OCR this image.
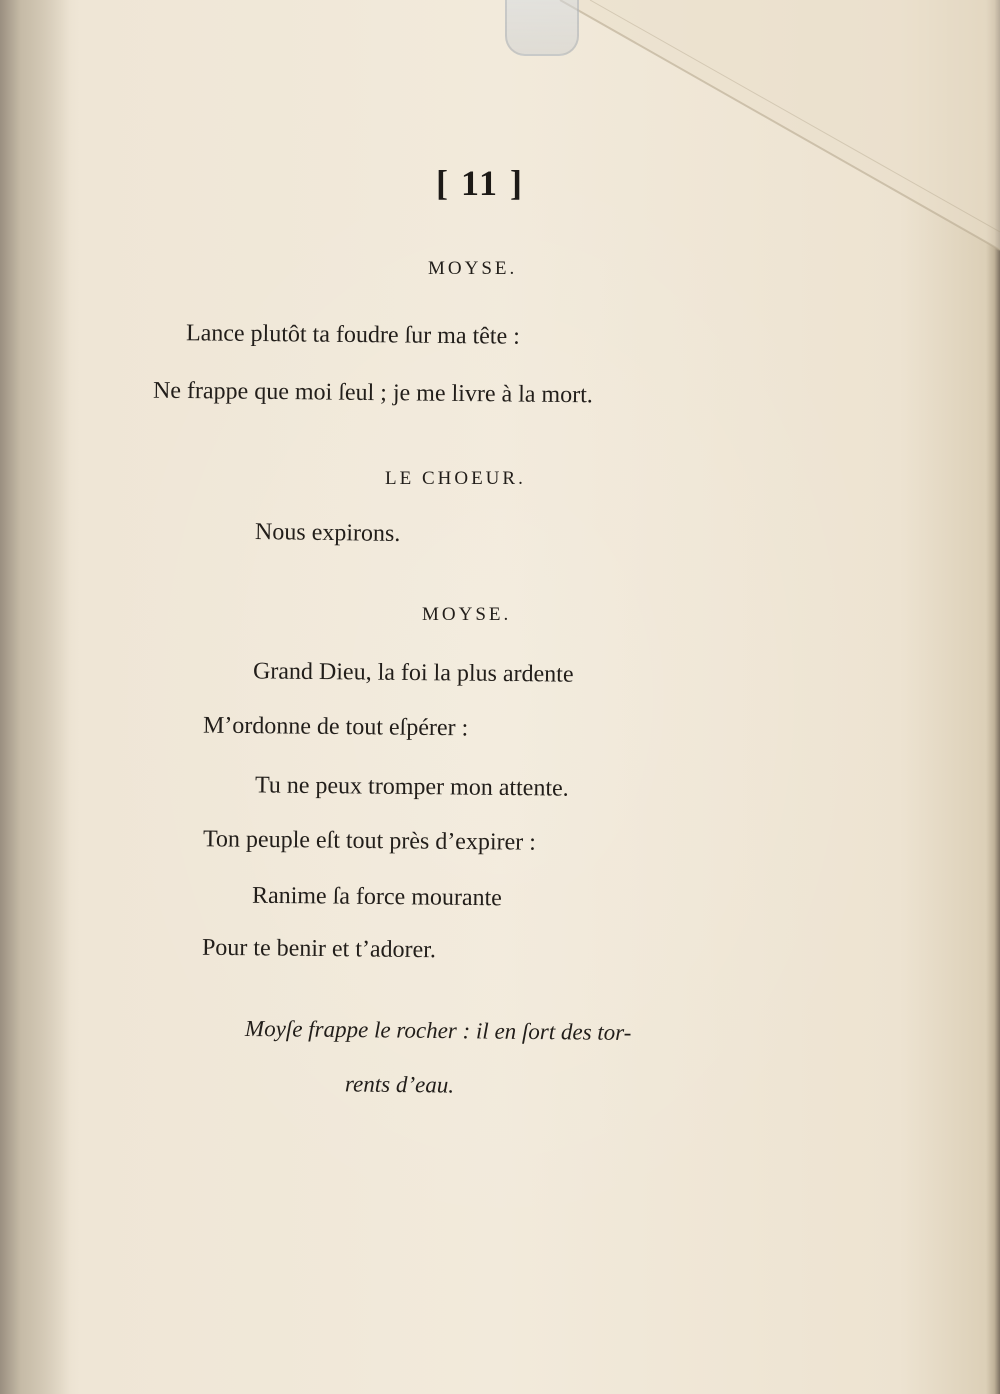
[ 11 ]
MOYSE.
Lance plutôt ta foudre ſur ma tête :
Ne frappe que moi ſeul ; je me livre à la mort.
LE CHOEUR.
Nous expirons.
MOYSE.
Grand Dieu, la foi la plus ardente
M’ordonne de tout eſpérer :
Tu ne peux tromper mon attente.
Ton peuple eſt tout près d’expirer :
Ranime ſa force mourante
Pour te benir et t’adorer.
Moyſe frappe le rocher : il en ſort des tor-
rents d’eau.
